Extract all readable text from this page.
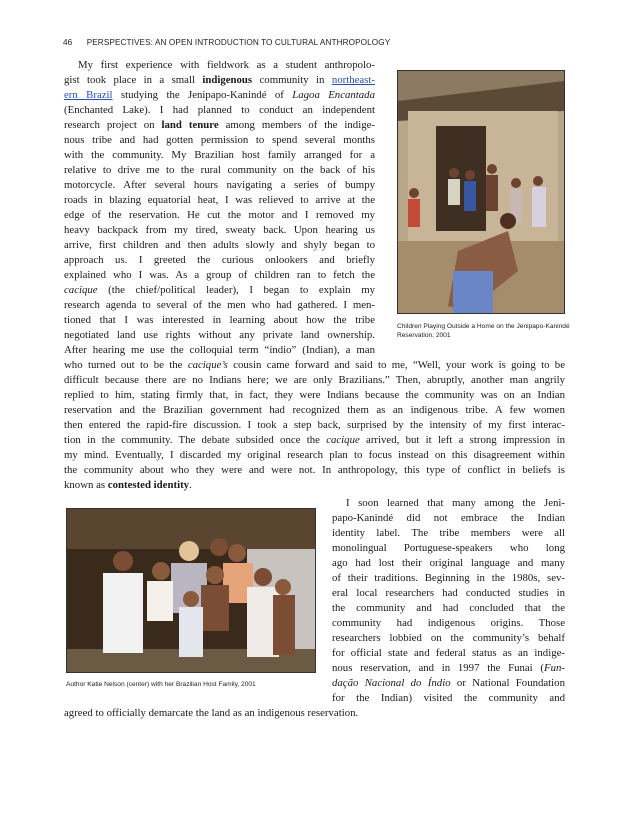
46 PERSPECTIVES: AN OPEN INTRODUCTION TO CULTURAL ANTHROPOLOGY
My first experience with fieldwork as a student anthropolo-
gist took place in a small indigenous community in northeast-
ern Brazil studying the Jenipapo-Kanindé of Lagoa Encantada
(Enchanted Lake). I had planned to conduct an independent
research project on land tenure among members of the indige-
nous tribe and had gotten permission to spend several months
with the community. My Brazilian host family arranged for a
relative to drive me to the rural community on the back of his
motorcycle. After several hours navigating a series of bumpy
roads in blazing equatorial heat, I was relieved to arrive at the
edge of the reservation. He cut the motor and I removed my
heavy backpack from my tired, sweaty back. Upon hearing us
arrive, first children and then adults slowly and shyly began to
approach us. I greeted the curious onlookers and briefly
explained who I was. As a group of children ran to fetch the
cacique (the chief/political leader), I began to explain my
research agenda to several of the men who had gathered. I men-
tioned that I was interested in learning about how the tribe
negotiated land use rights without any private land ownership.
After hearing me use the colloquial term “índio” (Indian), a man
who turned out to be the cacique’s cousin came forward and said to me, “Well, your work is going to be
difficult because there are no Indians here; we are only Brazilians.” Then, abruptly, another man angrily
replied to him, stating firmly that, in fact, they were Indians because the community was on an Indian
reservation and the Brazilian government had recognized them as an indigenous tribe. A few women
then entered the rapid-fire discussion. I took a step back, surprised by the intensity of my first interac-
tion in the community. The debate subsided once the cacique arrived, but it left a strong impression in
my mind. Eventually, I discarded my original research plan to focus instead on this disagreement within
the community about who they were and were not. In anthropology, this type of conflict in beliefs is
known as contested identity.
I soon learned that many among the Jeni-
papo-Kanindé did not embrace the Indian
identity label. The tribe members were all
monolingual Portuguese-speakers who long
ago had lost their original language and many
of their traditions. Beginning in the 1980s, sev-
eral local researchers had conducted studies in
the community and had concluded that the
community had indigenous origins. Those
researchers lobbied on the community’s behalf
for official state and federal status as an indige-
nous reservation, and in 1997 the Funai (Fun-
dação Nacional do Índio or National Foundation
for the Indian) visited the community and
agreed to officially demarcate the land as an indigenous reservation.
Children Playing Outside a Home on the Jenipapo-Kanindé
Reservation, 2001
Author Katie Nelson (center) with her Brazilian Host Family, 2001
